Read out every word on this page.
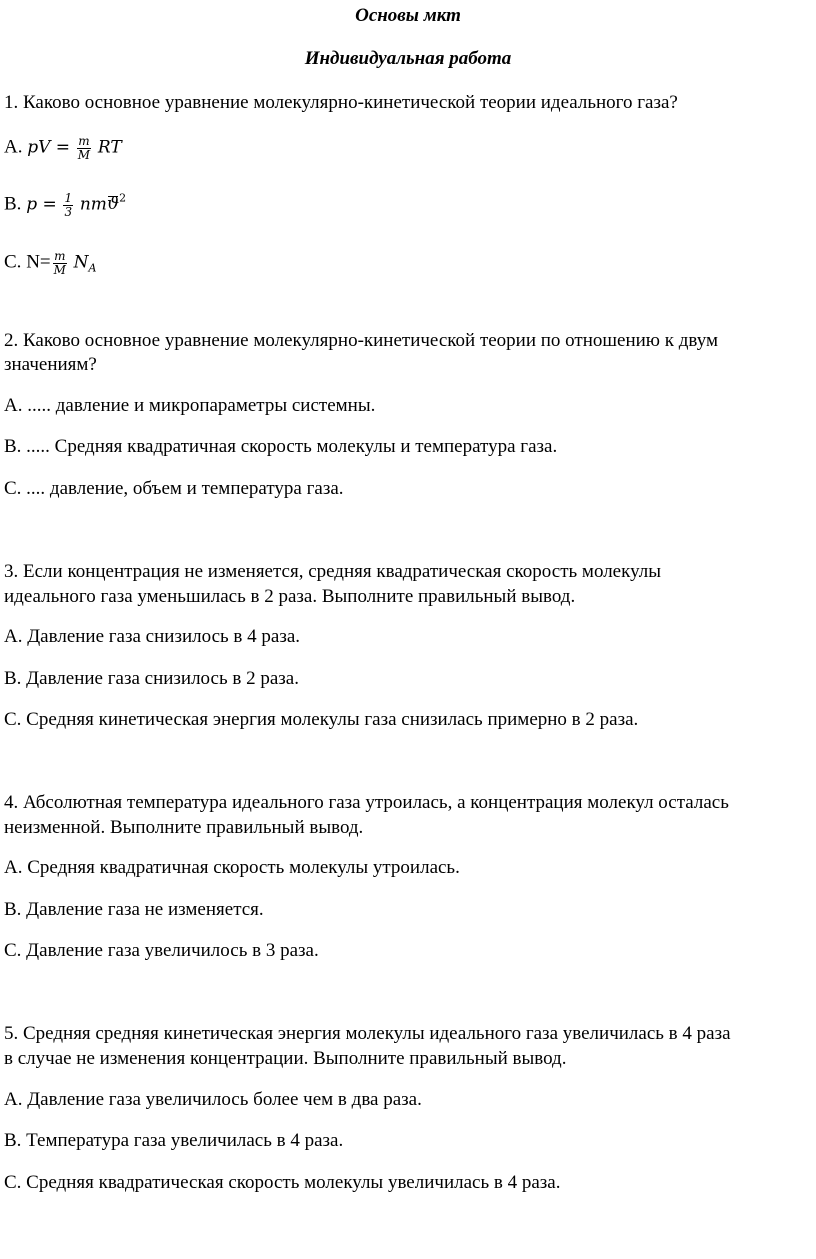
Основы мкт
Индивидуальная работа
1. Каково основное уравнение молекулярно-кинетической теории идеального газа?
A. pV = $\frac{m}{M}$ RT
B. $p = \frac{1}{3} nmϑ^2$
C. $N= \frac{m}{M} N_A$
2. Каково основное уравнение молекулярно-кинетической теории по отношению к двум
значениям?
A. ..... давление и микропараметры системны.
B. ..... Средняя квадратичная скорость молекулы и температура газа.
C. .... давление, объем и температура газа.
3. Если концентрация не изменяется, средняя квадратическая скорость молекулы
идеального газа уменьшилась в 2 раза. Выполните правильный вывод.
A. Давление газа снизилось в 4 раза.
B. Давление газа снизилось в 2 раза.
C. Средняя кинетическая энергия молекулы газа снизилась примерно в 2 раза.
4. Абсолютная температура идеального газа утроилась, а концентрация молекул осталась
неизменной. Выполните правильный вывод.
A. Средняя квадратичная скорость молекулы утроилась.
B. Давление газа не изменяется.
C. Давление газа увеличилось в 3 раза.
5. Средняя средняя кинетическая энергия молекулы идеального газа увеличилась в 4 раза
в случае не изменения концентрации. Выполните правильный вывод.
A. Давление газа увеличилось более чем в два раза.
B. Температура газа увеличилась в 4 раза.
C. Средняя квадратическая скорость молекулы увеличилась в 4 раза.
